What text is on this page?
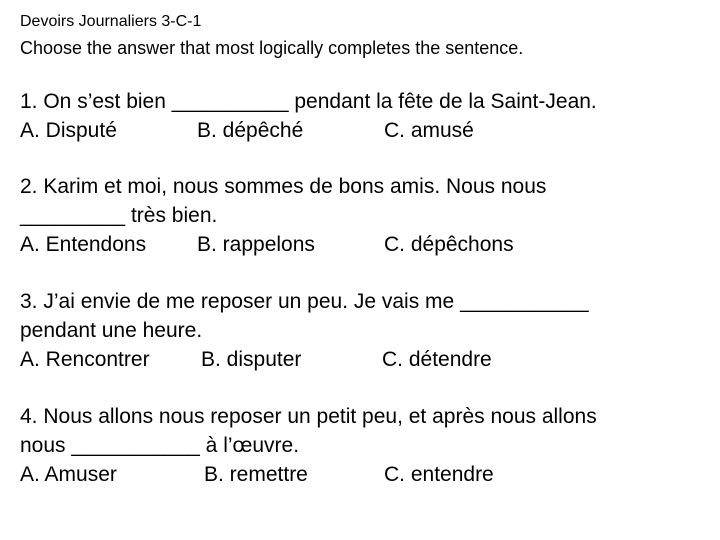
Devoirs Journaliers 3-C-1
Choose the answer that most logically completes the sentence.
1. On s’est bien __________ pendant la fête de la Saint-Jean.
A. Disputé	B. dépêché	C. amusé
2. Karim et moi, nous sommes de bons amis. Nous nous
_________ très bien.
A. Entendons B. rappelons	C. dépêchons
3. J’ai envie de me reposer un peu. Je vais me ___________
pendant une heure.
A. Rencontrer B. disputer	C. détendre
4. Nous allons nous reposer un petit peu, et après nous allons
nous ___________ à l’œuvre.
A. Amuser	B. remettre	C. entendre
